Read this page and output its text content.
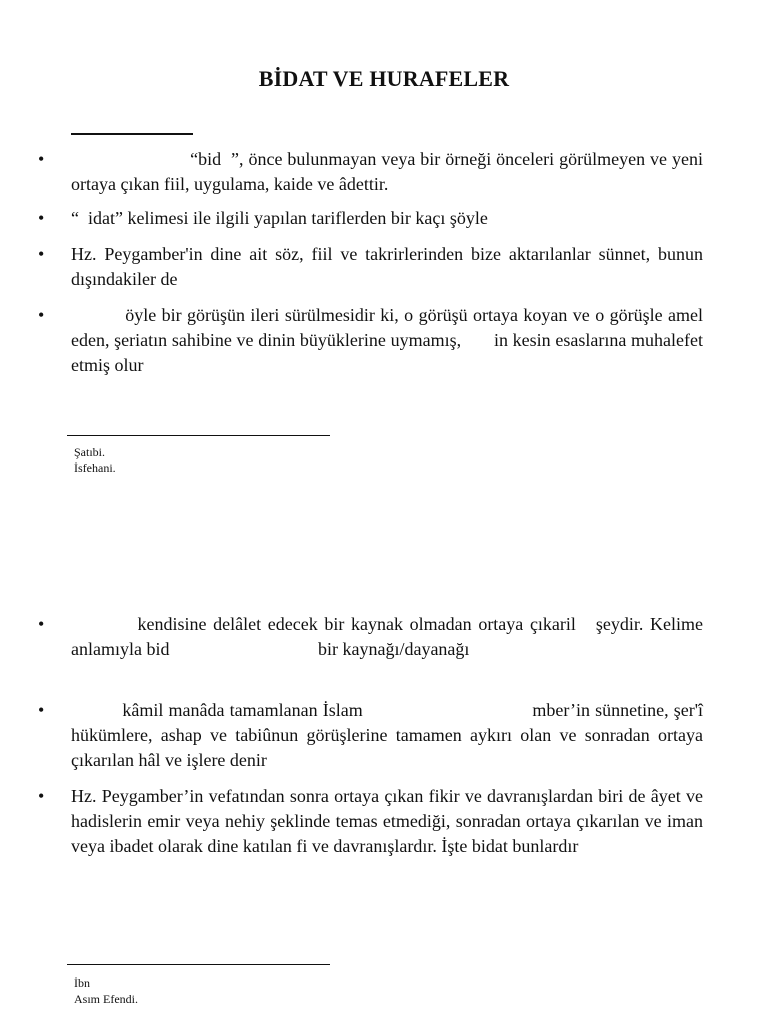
BİDAT VE HURAFELER
• “bid  ”, önce bulunmayan veya bir örneği önceleri görülmeyen ve yeni ortaya çıkan fiil, uygulama, kaide ve âdettir.
• “  idat” kelimesi ile ilgili yapılan tariflerden bir kaçı şöyle
• Hz. Peygamber'in dine ait söz, fiil ve takrirlerinden bize aktarılanlar sünnet, bunun dışındakiler de
• öyle bir görüşün ileri sürülmesidir ki, o görüşü ortaya koyan ve o görüşle amel eden, şeriatın sahibine ve dinin büyüklerine uymamış,       in kesin esaslarına muhalefet etmiş olur
Şatıbi.
İsfehani.
• kendisine delâlet edecek bir kaynak olmadan ortaya çıkaril   şeydir. Kelime anlamıyla bid                                 bir kaynağı/dayanağı
• kâmil manâda tamamlanan İslam                                 mber’in sünnetine, şer'î hükümlere, ashap ve tabiûnun görüşlerine tamamen aykırı olan ve sonradan ortaya çıkarılan hâl ve işlere denir
• Hz. Peygamber’in vefatından sonra ortaya çıkan fikir ve davranışlardan biri de âyet ve hadislerin emir veya nehiy şeklinde temas etmediği, sonradan ortaya çıkarılan ve iman veya ibadet olarak dine katılan fi ve davranışlardır. İşte bidat bunlardır
İbn
Asım Efendi.
